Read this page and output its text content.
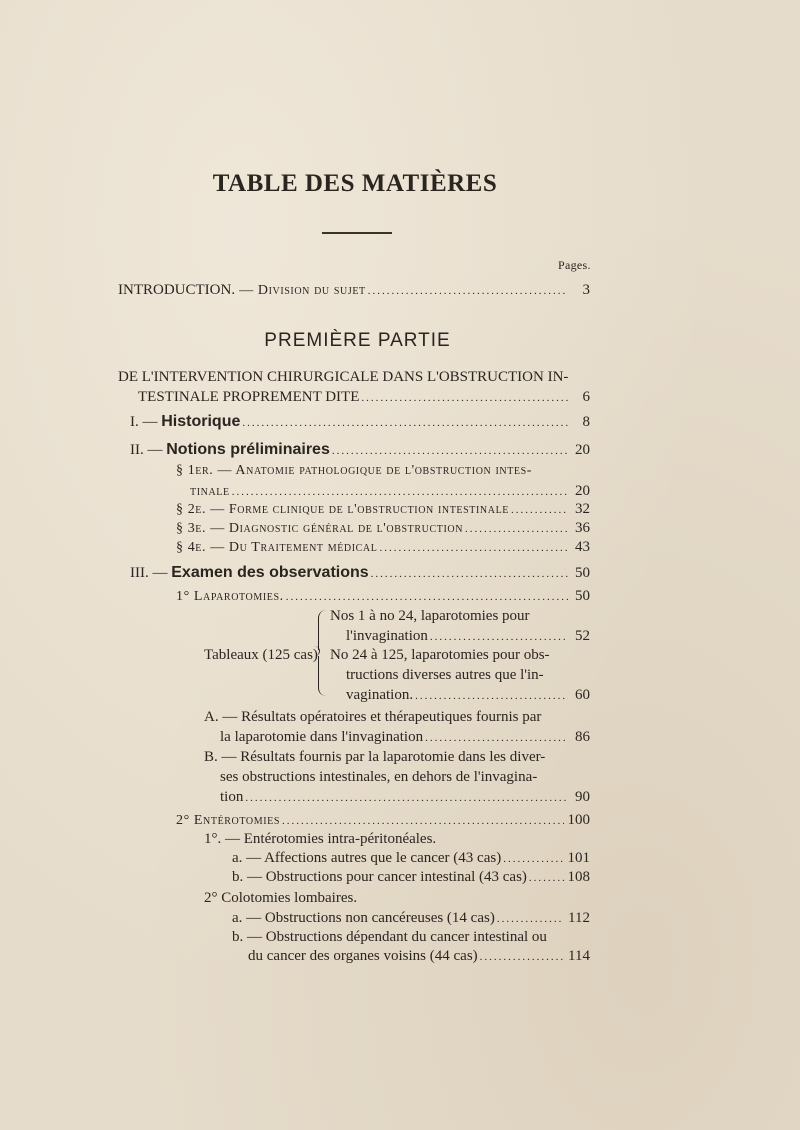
TABLE DES MATIÈRES
Pages.
INTRODUCTION. — Division du sujet .....	3
PREMIÈRE PARTIE
DE L'INTERVENTION CHIRURGICALE DANS L'OBSTRUCTION IN-
TESTINALE PROPREMENT DITE .....	6
I. — Historique .....	8
II. — Notions préliminaires .....	20
§ 1er. — Anatomie pathologique de l'obstruction intes-
tinale .....	20
§ 2e. — Forme clinique de l'obstruction intestinale .....	32
§ 3e. — Diagnostic général de l'obstruction .....	36
§ 4e. — Du Traitement médical .....	43
III. — Examen des observations .....	50
1° Laparotomies. .....	50
Tableaux (125 cas)
Nos 1 à no 24, laparotomies pour
l'invagination .....	52
No 24 à 125, laparotomies pour obs-
tructions diverses autres que l'in-
vagination. .....	60
A. — Résultats opératoires et thérapeutiques fournis par
la laparotomie dans l'invagination .....	86
B. — Résultats fournis par la laparotomie dans les diver-
ses obstructions intestinales, en dehors de l'invagina-
tion .....	90
2° Entérotomies .....	100
1°. — Entérotomies intra-péritonéales.
a. — Affections autres que le cancer (43 cas) .....	101
b. — Obstructions pour cancer intestinal (43 cas) .....	108
2° Colotomies lombaires.
a. — Obstructions non cancéreuses (14 cas) .....	112
b. — Obstructions dépendant du cancer intestinal ou
du cancer des organes voisins (44 cas) .....	114
